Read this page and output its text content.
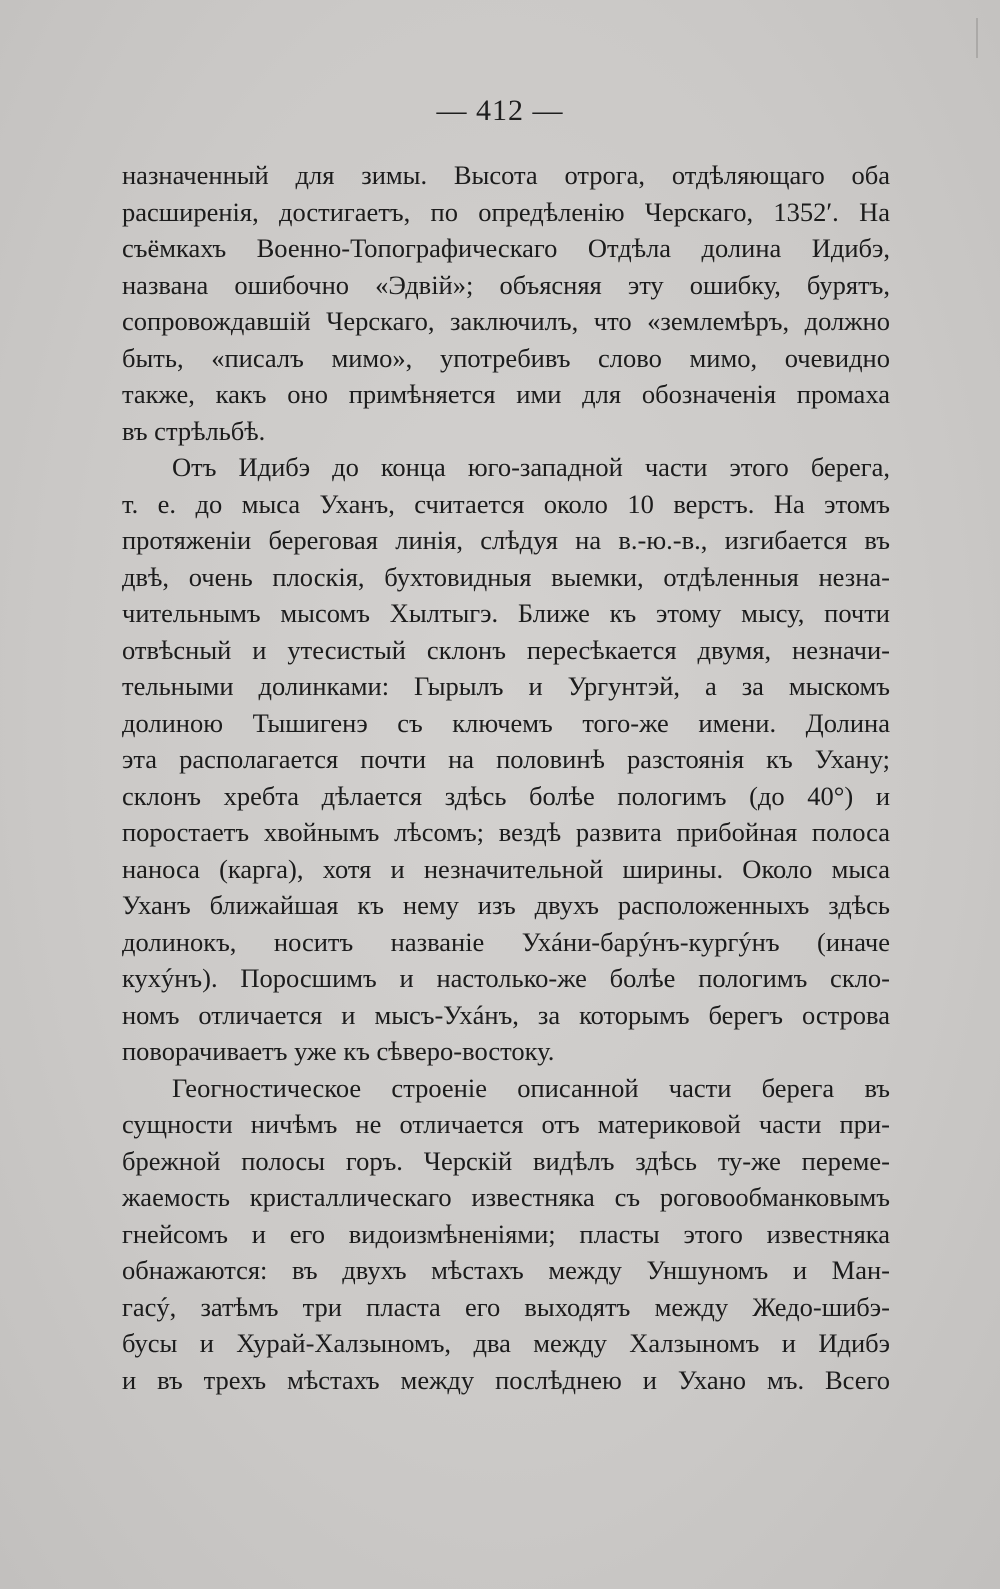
— 412 —
назначенный для зимы. Высота отрога, отдѣляющаго оба
расширенія, достигаетъ, по опредѣленію Черскаго, 1352′. На
съёмкахъ Военно-Топографическаго Отдѣла долина Идибэ,
названа ошибочно «Эдвій»; объясняя эту ошибку, бурятъ,
сопровождавшій Черскаго, заключилъ, что «землемѣръ, должно
быть, «писалъ мимо», употребивъ слово мимо, очевидно
также, какъ оно примѣняется ими для обозначенія промаха
въ стрѣльбѣ.
Отъ Идибэ до конца юго-западной части этого берега,
т. е. до мыса Уханъ, считается около 10 верстъ. На этомъ
протяженіи береговая линія, слѣдуя на в.-ю.-в., изгибается въ
двѣ, очень плоскія, бухтовидныя выемки, отдѣленныя незна-
чительнымъ мысомъ Хылтыгэ. Ближе къ этому мысу, почти
отвѣсный и утесистый склонъ пересѣкается двумя, незначи-
тельными долинками: Гырылъ и Ургунтэй, а за мыскомъ
долиною Тышигенэ съ ключемъ того-же имени. Долина
эта располагается почти на половинѣ разстоянія къ Ухану;
склонъ хребта дѣлается здѣсь болѣе пологимъ (до 40°) и
поростаетъ хвойнымъ лѣсомъ; вездѣ развита прибойная полоса
наноса (карга), хотя и незначительной ширины. Около мыса
Уханъ ближайшая къ нему изъ двухъ расположенныхъ здѣсь
долинокъ, носитъ названіе Ухáни-барýнъ-кургýнъ (иначе
кухýнъ). Поросшимъ и настолько-же болѣе пологимъ скло-
номъ отличается и мысъ-Ухáнъ, за которымъ берегъ острова
поворачиваетъ уже къ сѣверо-востоку.
Геогностическое строеніе описанной части берега въ
сущности ничѣмъ не отличается отъ материковой части при-
брежной полосы горъ. Черскій видѣлъ здѣсь ту-же переме-
жаемость кристаллическаго известняка съ роговообманковымъ
гнейсомъ и его видоизмѣненіями; пласты этого известняка
обнажаются: въ двухъ мѣстахъ между Уншуномъ и Ман-
гасý, затѣмъ три пласта его выходятъ между Жедо-шибэ-
бусы и Хурай-Халзыномъ, два между Халзыномъ и Идибэ
и въ трехъ мѣстахъ между послѣднею и Ухано мъ. Всего
